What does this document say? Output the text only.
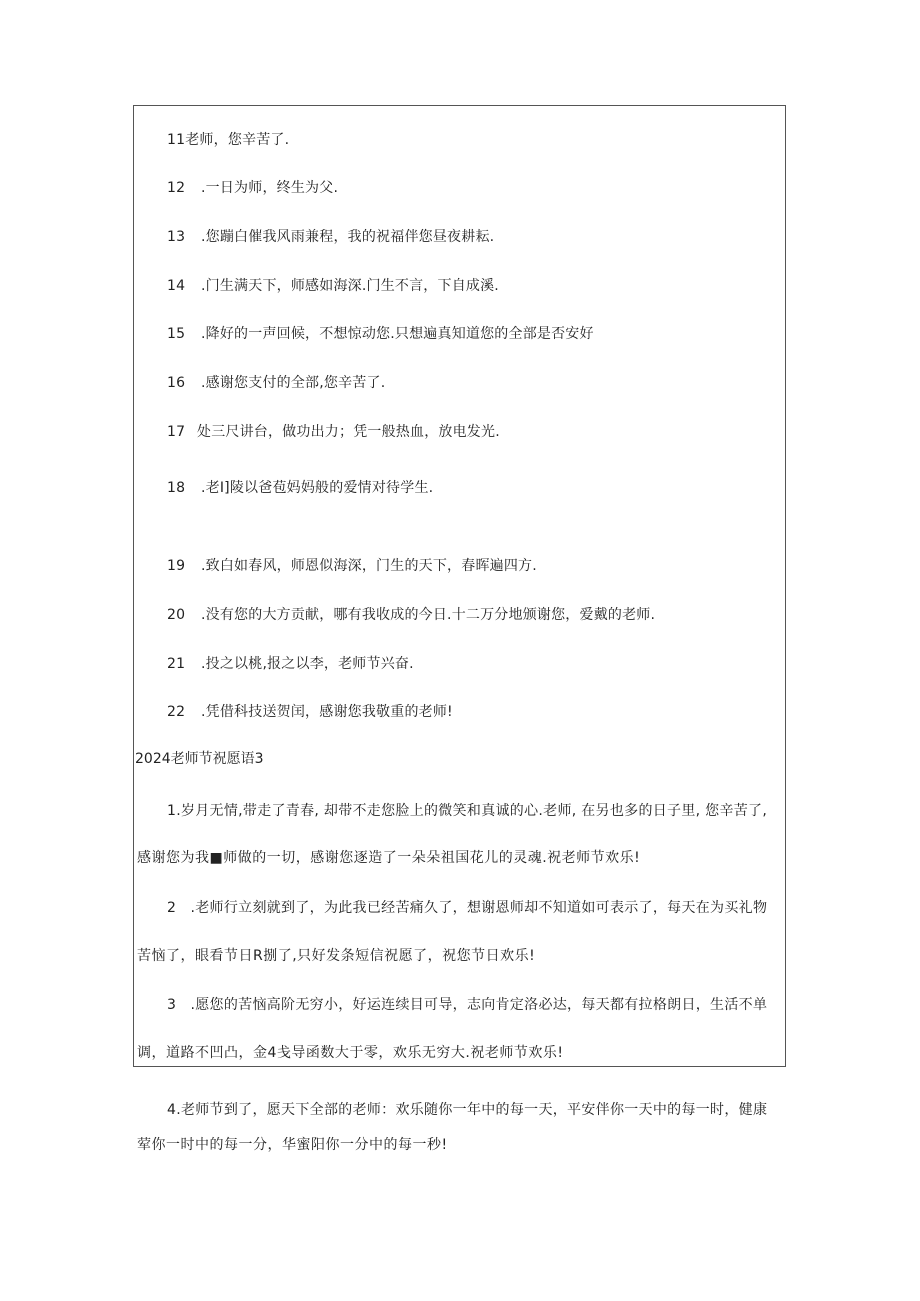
11老师，您辛苦了.
12 .一日为师，终生为父.
13 .您蹦白催我风雨兼程，我的祝福伴您昼夜耕耘.
14 .门生满天下，师感如海深.门生不言，下自成溪.
15 .降好的一声回候，不想惊动您.只想遍真知道您的全部是否安好
16 .感谢您支付的全部,您辛苦了.
17 处三尺讲台，做功出力；凭一般热血，放电发光.
18 .老I]陵以爸苞妈妈般的爱情对待学生.
19 .致白如春风，师恩似海深，门生的天下，春晖遍四方.
20 .没有您的大方贡献，哪有我收成的今日.十二万分地颁谢您，爱戴的老师.
21 .投之以桃,报之以李，老师节兴奋.
22 .凭借科技送贺闰，感谢您我敬重的老师!
2024老师节祝愿语3
1.岁月无情,带走了青春, 却带不走您脸上的微笑和真诚的心.老师, 在另也多的日子里, 您辛苦了,
感谢您为我■师做的一切，感谢您逐造了一朵朵祖国花儿的灵魂.祝老师节欢乐!
2　.老师行立刻就到了，为此我已经苦痛久了，想谢恩师却不知道如可表示了，每天在为买礼物
苦恼了，眼看节日R捌了,只好发条短信祝愿了，祝您节日欢乐!
3　.愿您的苦恼高阶无穷小，好运连续目可导，志向肯定洛必达，每天都有拉格朗日，生活不单
调，道路不凹凸，金4戋导函数大于零，欢乐无穷大.祝老师节欢乐!
4.老师节到了，愿天下全部的老师：欢乐随你一年中的每一天，平安伴你一天中的每一时，健康
荤你一时中的每一分，华蜜阳你一分中的每一秒!
